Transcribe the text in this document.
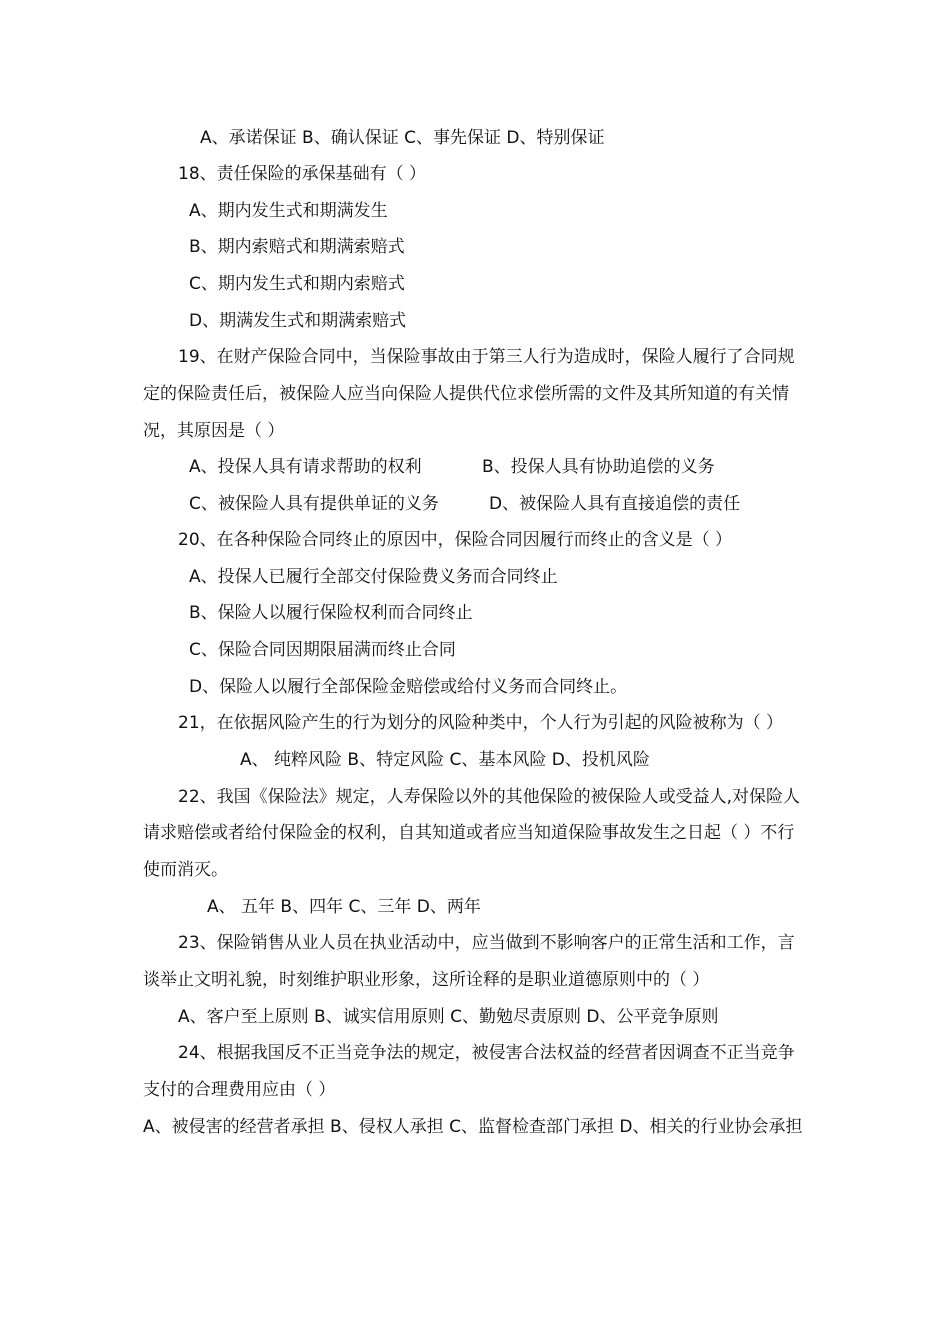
A、承诺保证 B、确认保证 C、事先保证 D、特别保证
18、责任保险的承保基础有（ ）
A、期内发生式和期满发生
B、期内索赔式和期满索赔式
C、期内发生式和期内索赔式
D、期满发生式和期满索赔式
19、在财产保险合同中，当保险事故由于第三人行为造成时，保险人履行了合同规
定的保险责任后，被保险人应当向保险人提供代位求偿所需的文件及其所知道的有关情
况，其原因是（ ）
A、投保人具有请求帮助的权利	B、投保人具有协助追偿的义务
C、被保险人具有提供单证的义务	D、被保险人具有直接追偿的责任
20、在各种保险合同终止的原因中，保险合同因履行而终止的含义是（ ）
A、投保人已履行全部交付保险费义务而合同终止
B、保险人以履行保险权利而合同终止
C、保险合同因期限届满而终止合同
D、保险人以履行全部保险金赔偿或给付义务而合同终止。
21，在依据风险产生的行为划分的风险种类中，个人行为引起的风险被称为（ ）
A、 纯粹风险 B、特定风险 C、基本风险 D、投机风险
22、我国《保险法》规定，人寿保险以外的其他保险的被保险人或受益人,对保险人
请求赔偿或者给付保险金的权利，自其知道或者应当知道保险事故发生之日起（ ）不行
使而消灭。
A、 五年 B、四年 C、三年 D、两年
23、保险销售从业人员在执业活动中，应当做到不影响客户的正常生活和工作，言
谈举止文明礼貌，时刻维护职业形象，这所诠释的是职业道德原则中的（ ）
A、客户至上原则 B、诚实信用原则 C、勤勉尽责原则 D、公平竞争原则
24、根据我国反不正当竞争法的规定，被侵害合法权益的经营者因调查不正当竞争
支付的合理费用应由（ ）
A、被侵害的经营者承担 B、侵权人承担 C、监督检查部门承担 D、相关的行业协会承担
